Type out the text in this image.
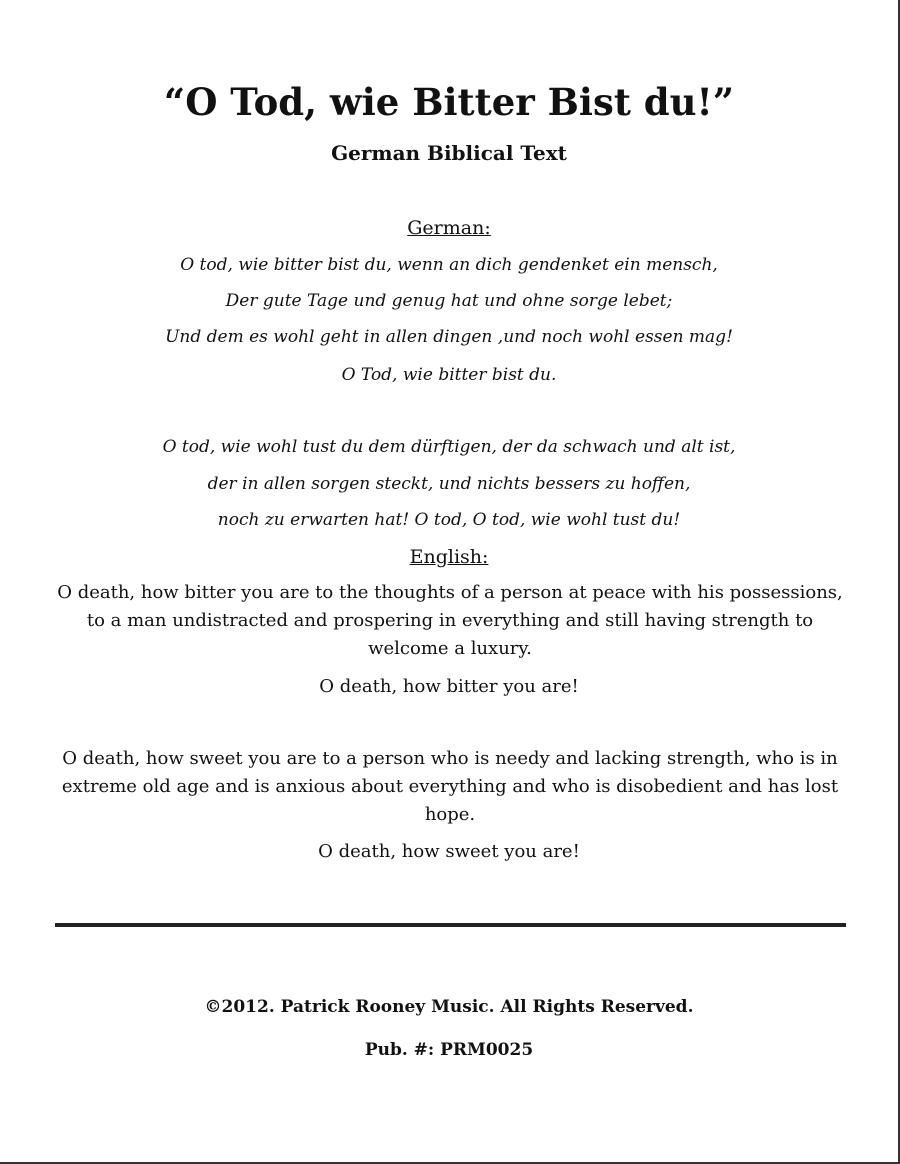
“O Tod, wie Bitter Bist du!”
German Biblical Text
German:
O tod, wie bitter bist du, wenn an dich gendenket ein mensch,
Der gute Tage und genug hat und ohne sorge lebet;
Und dem es wohl geht in allen dingen ,und noch wohl essen mag!
O Tod, wie bitter bist du.
O tod, wie wohl tust du dem dürftigen, der da schwach und alt ist,
der in allen sorgen steckt, und nichts bessers zu hoffen,
noch zu erwarten hat! O tod, O tod, wie wohl tust du!
English:
O death, how bitter you are to the thoughts of a person at peace with his possessions, to a man undistracted and prospering in everything and still having strength to welcome a luxury.
O death, how bitter you are!
O death, how sweet you are to a person who is needy and lacking strength, who is in extreme old age and is anxious about everything and who is disobedient and has lost hope.
O death, how sweet you are!
©2012. Patrick Rooney Music. All Rights Reserved.
Pub. #: PRM0025
